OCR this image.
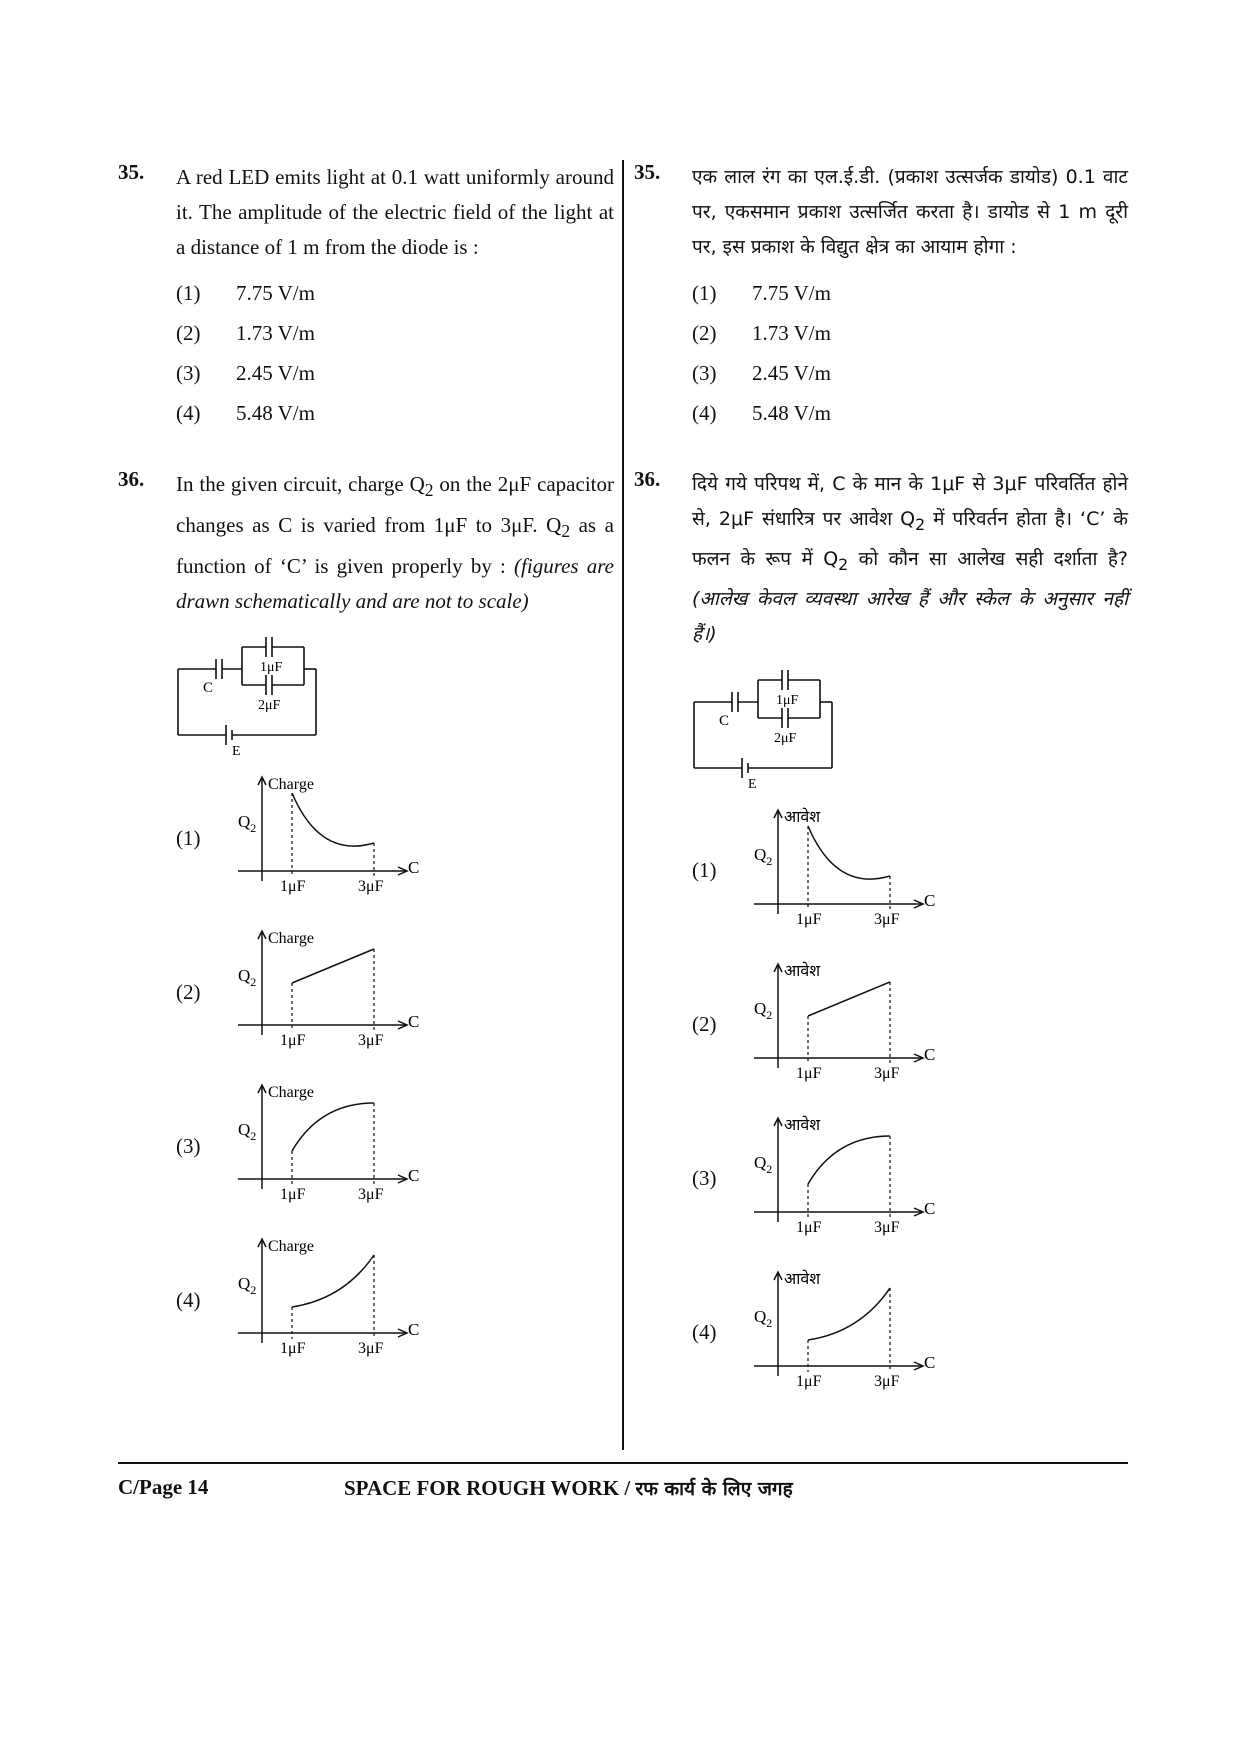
35. A red LED emits light at 0.1 watt uniformly around it. The amplitude of the electric field of the light at a distance of 1 m from the diode is :
(1)	7.75 V/m
(2)	1.73 V/m
(3)	2.45 V/m
(4)	5.48 V/m
36. In the given circuit, charge $Q_2$ on the 2μF capacitor changes as C is varied from 1μF to 3μF. $Q_2$ as a function of ‘C’ is given properly by : (figures are drawn schematically and are not to scale)
C
1μF
2μF
E
(1)
Charge
$Q_2$
C
1μF	3μF
(2)
Charge
$Q_2$
C
1μF	3μF
(3)
Charge
$Q_2$
C
1μF	3μF
(4)
Charge
$Q_2$
C
1μF	3μF
35. एक लाल रंग का एल.ई.डी. (प्रकाश उत्सर्जक डायोड) 0.1 वाट पर, एकसमान प्रकाश उत्सर्जित करता है। डायोड से 1 m दूरी पर, इस प्रकाश के विद्युत क्षेत्र का आयाम होगा :
(1)	7.75 V/m
(2)	1.73 V/m
(3)	2.45 V/m
(4)	5.48 V/m
36. दिये गये परिपथ में, C के मान के 1μF से 3μF परिवर्तित होने से, 2μF संधारित्र पर आवेश $Q_2$ में परिवर्तन होता है। ‘C’ के फलन के रूप में $Q_2$ को कौन सा आलेख सही दर्शाता है? (आलेख केवल व्यवस्था आरेख हैं और स्केल के अनुसार नहीं हैं।)
C
1μF
2μF
E
(1)
आवेश
$Q_2$
C
1μF	3μF
(2)
आवेश
$Q_2$
C
1μF	3μF
(3)
आवेश
$Q_2$
C
1μF	3μF
(4)
आवेश
$Q_2$
C
1μF	3μF
C/Page 14	SPACE FOR ROUGH WORK / रफ कार्य के लिए जगह
